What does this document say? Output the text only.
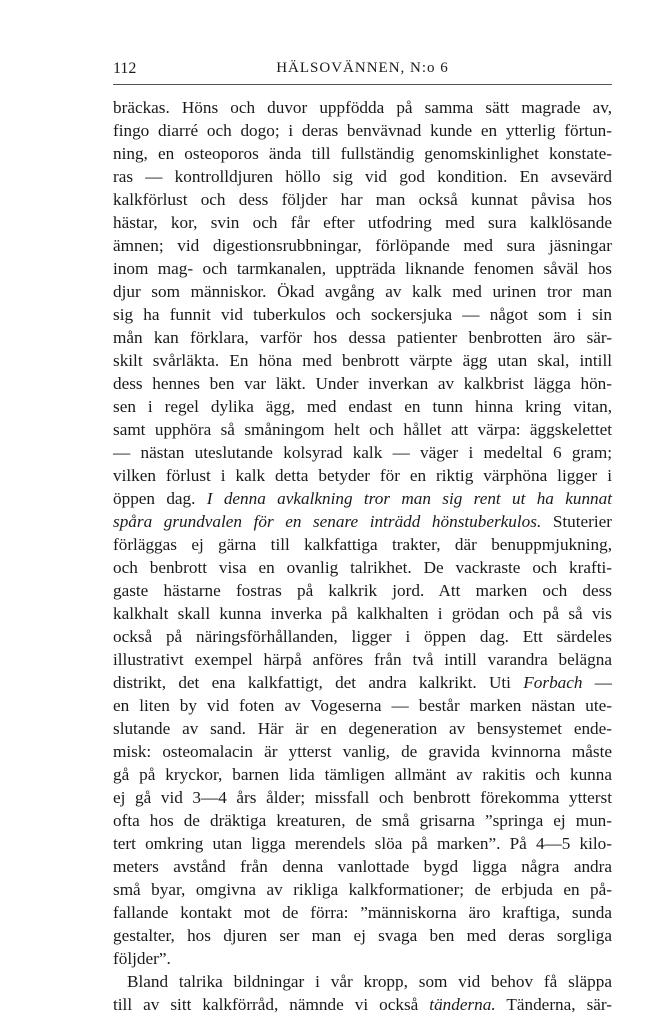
112	HÄLSOVÄNNEN, N:o 6
bräckas. Höns och duvor uppfödda på samma sätt magrade av,
fingo diarré och dogo; i deras benvävnad kunde en ytterlig förtun-
ning, en osteoporos ända till fullständig genomskinlighet konstate-
ras — kontrolldjuren höllo sig vid god kondition. En avsevärd
kalkförlust och dess följder har man också kunnat påvisa hos
hästar, kor, svin och får efter utfodring med sura kalklösande
ämnen; vid digestionsrubbningar, förlöpande med sura jäsningar
inom mag- och tarmkanalen, uppträda liknande fenomen såväl hos
djur som människor. Ökad avgång av kalk med urinen tror man
sig ha funnit vid tuberkulos och sockersjuka — något som i sin
mån kan förklara, varför hos dessa patienter benbrotten äro sär-
skilt svårläkta. En höna med benbrott värpte ägg utan skal, intill
dess hennes ben var läkt. Under inverkan av kalkbrist lägga hön-
sen i regel dylika ägg, med endast en tunn hinna kring vitan,
samt upphöra så småningom helt och hållet att värpa: äggskelettet
— nästan uteslutande kolsyrad kalk — väger i medeltal 6 gram;
vilken förlust i kalk detta betyder för en riktig värphöna ligger i
öppen dag. I denna avkalkning tror man sig rent ut ha kunnat
spåra grundvalen för en senare inträdd hönstuberkulos. Stuterier
förläggas ej gärna till kalkfattiga trakter, där benuppmjukning,
och benbrott visa en ovanlig talrikhet. De vackraste och krafti-
gaste hästarne fostras på kalkrik jord. Att marken och dess
kalkhalt skall kunna inverka på kalkhalten i grödan och på så vis
också på näringsförhållanden, ligger i öppen dag. Ett särdeles
illustrativt exempel härpå anföres från två intill varandra belägna
distrikt, det ena kalkfattigt, det andra kalkrikt. Uti Forbach —
en liten by vid foten av Vogeserna — består marken nästan ute-
slutande av sand. Här är en degeneration av bensystemet ende-
misk: osteomalacin är ytterst vanlig, de gravida kvinnorna måste
gå på kryckor, barnen lida tämligen allmänt av rakitis och kunna
ej gå vid 3—4 års ålder; missfall och benbrott förekomma ytterst
ofta hos de dräktiga kreaturen, de små grisarna ”springa ej mun-
tert omkring utan ligga merendels slöa på marken”. På 4—5 kilo-
meters avstånd från denna vanlottade bygd ligga några andra
små byar, omgivna av rikliga kalkformationer; de erbjuda en på-
fallande kontakt mot de förra: ”människorna äro kraftiga, sunda
gestalter, hos djuren ser man ej svaga ben med deras sorgliga
följder”.
Bland talrika bildningar i vår kropp, som vid behov få släppa
till av sitt kalkförråd, nämnde vi också tänderna. Tänderna, sär-
